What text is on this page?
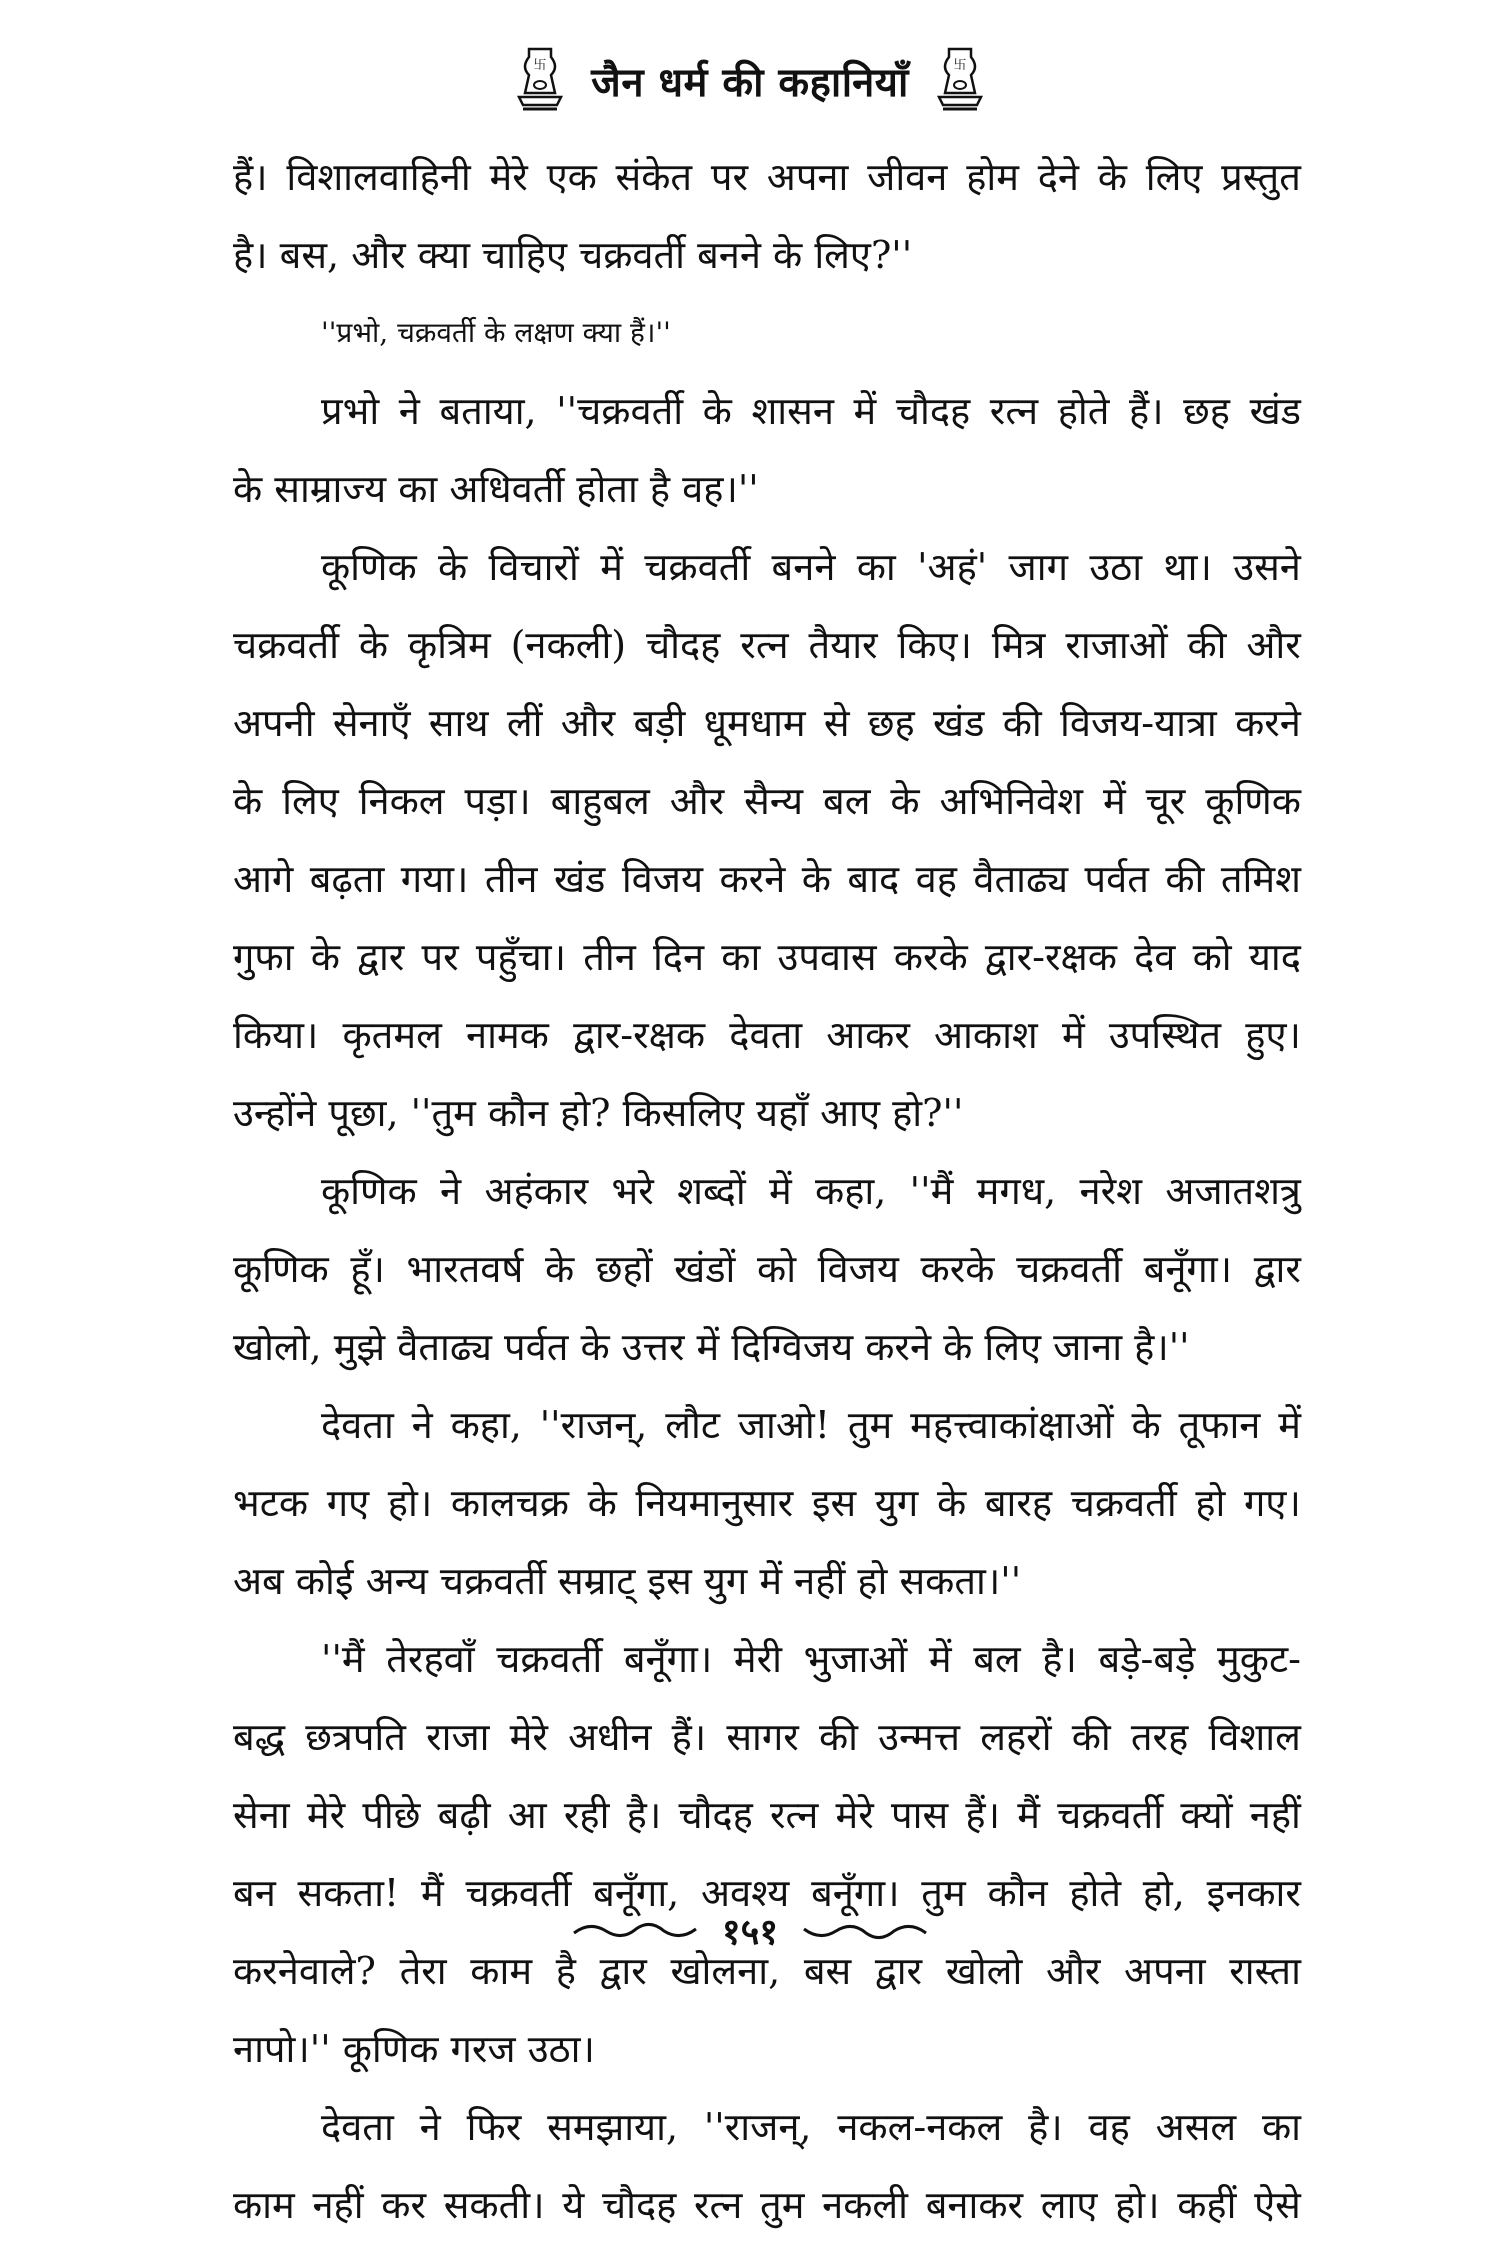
卐 जैन धर्म की कहानियाँ	卐
हैं। विशालवाहिनी मेरे एक संकेत पर अपना जीवन होम देने के लिए प्रस्तुत
है। बस, और क्या चाहिए चक्रवर्ती बनने के लिए?''
''प्रभो, चक्रवर्ती के लक्षण क्या हैं।''
प्रभो ने बताया, ''चक्रवर्ती के शासन में चौदह रत्न होते हैं। छह खंड
के साम्राज्य का अधिवर्ती होता है वह।''
कूणिक के विचारों में चक्रवर्ती बनने का 'अहं' जाग उठा था। उसने
चक्रवर्ती के कृत्रिम (नकली) चौदह रत्न तैयार किए। मित्र राजाओं की और
अपनी सेनाएँ साथ लीं और बड़ी धूमधाम से छह खंड की विजय-यात्रा करने
के लिए निकल पड़ा। बाहुबल और सैन्य बल के अभिनिवेश में चूर कूणिक
आगे बढ़ता गया। तीन खंड विजय करने के बाद वह वैताढ्य पर्वत की तमिश
गुफा के द्वार पर पहुँचा। तीन दिन का उपवास करके द्वार-रक्षक देव को याद
किया। कृतमल नामक द्वार-रक्षक देवता आकर आकाश में उपस्थित हुए।
उन्होंने पूछा, ''तुम कौन हो? किसलिए यहाँ आए हो?''
कूणिक ने अहंकार भरे शब्दों में कहा, ''मैं मगध, नरेश अजातशत्रु
कूणिक हूँ। भारतवर्ष के छहों खंडों को विजय करके चक्रवर्ती बनूँगा। द्वार
खोलो, मुझे वैताढ्य पर्वत के उत्तर में दिग्विजय करने के लिए जाना है।''
देवता ने कहा, ''राजन्, लौट जाओ! तुम महत्त्वाकांक्षाओं के तूफान में
भटक गए हो। कालचक्र के नियमानुसार इस युग के बारह चक्रवर्ती हो गए।
अब कोई अन्य चक्रवर्ती सम्राट् इस युग में नहीं हो सकता।''
''मैं तेरहवाँ चक्रवर्ती बनूँगा। मेरी भुजाओं में बल है। बड़े-बड़े मुकुट-
बद्ध छत्रपति राजा मेरे अधीन हैं। सागर की उन्मत्त लहरों की तरह विशाल
सेना मेरे पीछे बढ़ी आ रही है। चौदह रत्न मेरे पास हैं। मैं चक्रवर्ती क्यों नहीं
बन सकता! मैं चक्रवर्ती बनूँगा, अवश्य बनूँगा। तुम कौन होते हो, इनकार
करनेवाले? तेरा काम है द्वार खोलना, बस द्वार खोलो और अपना रास्ता
नापो।'' कूणिक गरज उठा।
देवता ने फिर समझाया, ''राजन्, नकल-नकल है। वह असल का
काम नहीं कर सकती। ये चौदह रत्न तुम नकली बनाकर लाए हो। कहीं ऐसे
१५१
